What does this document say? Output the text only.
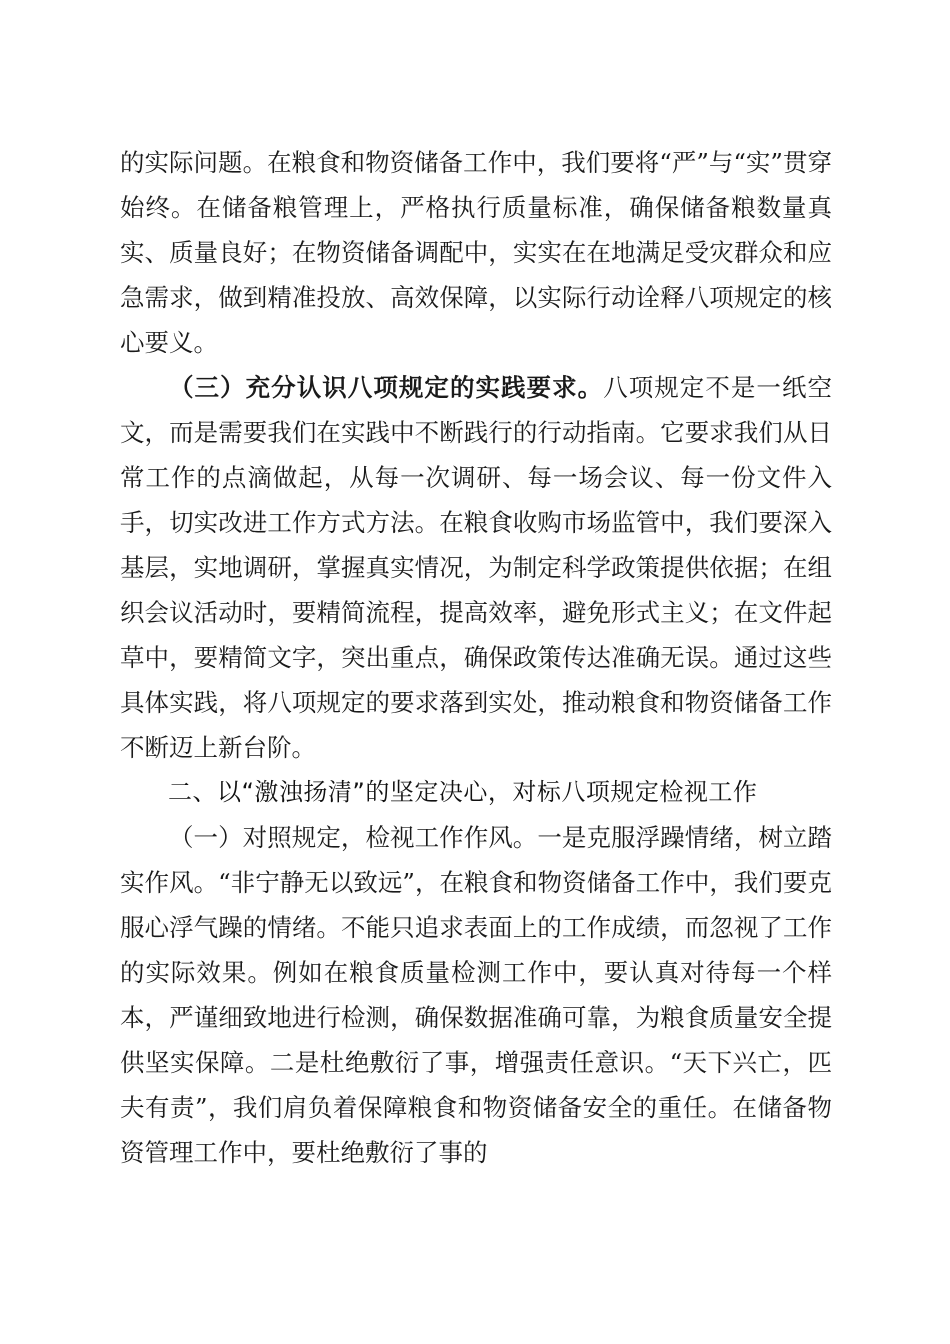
的实际问题。在粮食和物资储备工作中，我们要将“严”与“实”贯穿始终。在储备粮管理上，严格执行质量标准，确保储备粮数量真实、质量良好；在物资储备调配中，实实在在地满足受灾群众和应急需求，做到精准投放、高效保障，以实际行动诠释八项规定的核心要义。

（三）充分认识八项规定的实践要求。八项规定不是一纸空文，而是需要我们在实践中不断践行的行动指南。它要求我们从日常工作的点滴做起，从每一次调研、每一场会议、每一份文件入手，切实改进工作方式方法。在粮食收购市场监管中，我们要深入基层，实地调研，掌握真实情况，为制定科学政策提供依据；在组织会议活动时，要精简流程，提高效率，避免形式主义；在文件起草中，要精简文字，突出重点，确保政策传达准确无误。通过这些具体实践，将八项规定的要求落到实处，推动粮食和物资储备工作不断迈上新台阶。

二、以“激浊扬清”的坚定决心，对标八项规定检视工作

（一）对照规定，检视工作作风。一是克服浮躁情绪，树立踏实作风。“非宁静无以致远”，在粮食和物资储备工作中，我们要克服心浮气躁的情绪。不能只追求表面上的工作成绩，而忽视了工作的实际效果。例如在粮食质量检测工作中，要认真对待每一个样本，严谨细致地进行检测，确保数据准确可靠，为粮食质量安全提供坚实保障。二是杜绝敷衍了事，增强责任意识。“天下兴亡，匹夫有责”，我们肩负着保障粮食和物资储备安全的重任。在储备物资管理工作中，要杜绝敷衍了事的
